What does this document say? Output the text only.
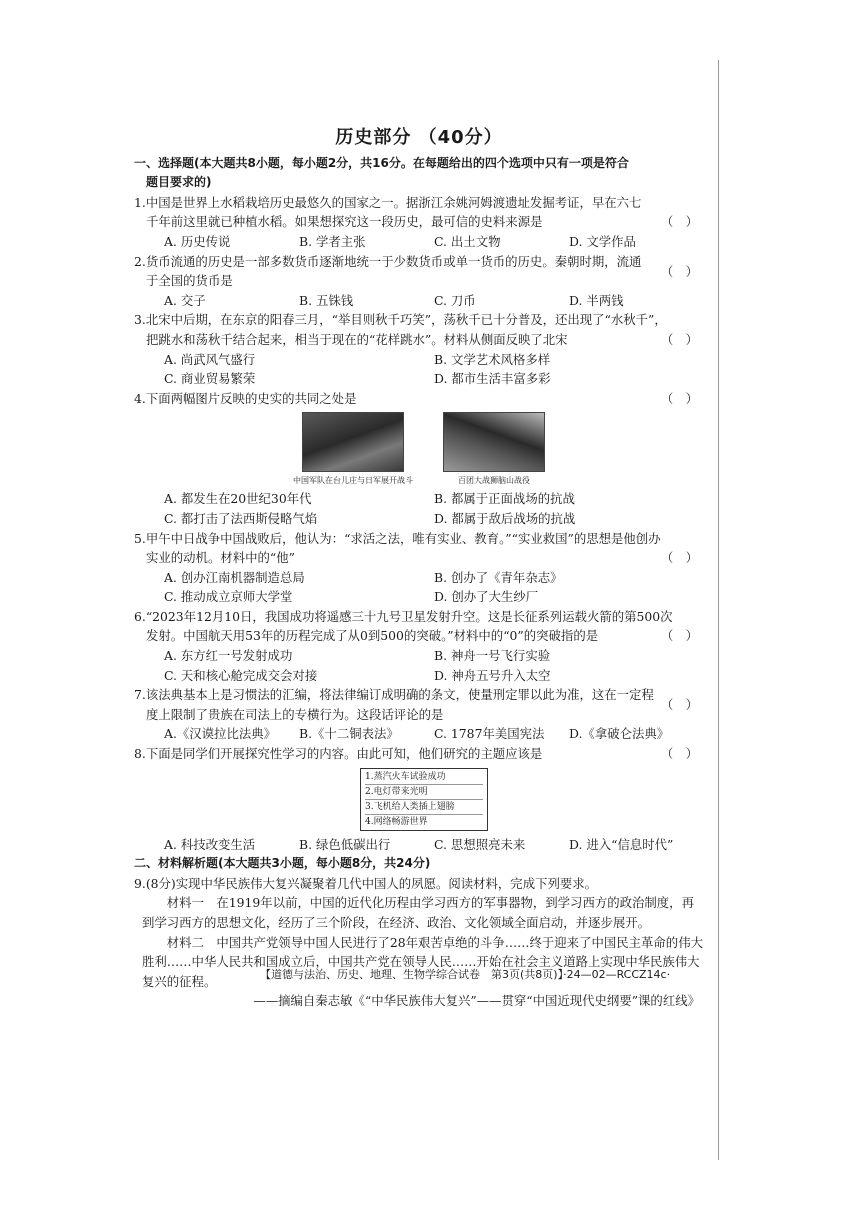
历史部分 （40分）
一、选择题(本大题共8小题，每小题2分，共16分。在每题给出的四个选项中只有一项是符合
题目要求的)
1.中国是世界上水稻栽培历史最悠久的国家之一。据浙江余姚河姆渡遗址发掘考证，早在六七
千年前这里就已种植水稻。如果想探究这一段历史，最可信的史料来源是	（　）
A. 历史传说	B. 学者主张	C. 出土文物	D. 文学作品
2.货币流通的历史是一部多数货币逐渐地统一于少数货币或单一货币的历史。秦朝时期，流通
于全国的货币是
（　）
A. 交子	B. 五铢钱	C. 刀币	D. 半两钱
3.北宋中后期，在东京的阳春三月，“举目则秋千巧笑”，荡秋千已十分普及，还出现了“水秋千”，
把跳水和荡秋千结合起来，相当于现在的“花样跳水”。材料从侧面反映了北宋	（　）
A. 尚武风气盛行	B. 文学艺术风格多样
C. 商业贸易繁荣	D. 都市生活丰富多彩
4.下面两幅图片反映的史实的共同之处是	（　）
中国军队在台儿庄与日军展开战斗	百团大战狮脑山战役
A. 都发生在20世纪30年代	B. 都属于正面战场的抗战
C. 都打击了法西斯侵略气焰	D. 都属于敌后战场的抗战
5.甲午中日战争中国战败后，他认为：“求活之法，唯有实业、教育。”“实业救国”的思想是他创办
实业的动机。材料中的“他”	（　）
A. 创办江南机器制造总局	B. 创办了《青年杂志》
C. 推动成立京师大学堂	D. 创办了大生纱厂
6.“2023年12月10日，我国成功将遥感三十九号卫星发射升空。这是长征系列运载火箭的第500次
发射。中国航天用53年的历程完成了从0到500的突破。”材料中的“0”的突破指的是	（　）
A. 东方红一号发射成功	B. 神舟一号飞行实验
C. 天和核心舱完成交会对接	D. 神舟五号升入太空
7.该法典基本上是习惯法的汇编，将法律编订成明确的条文，使量刑定罪以此为准，这在一定程
度上限制了贵族在司法上的专横行为。这段话评论的是
（　）
A.《汉谟拉比法典》	B.《十二铜表法》	C. 1787年美国宪法	D.《拿破仑法典》
8.下面是同学们开展探究性学习的内容。由此可知，他们研究的主题应该是	（　）
1.蒸汽火车试验成功
2.电灯带来光明
3.飞机给人类插上翅膀
4.网络畅游世界
A. 科技改变生活	B. 绿色低碳出行	C. 思想照亮未来	D. 进入“信息时代”
二、材料解析题(本大题共3小题，每小题8分，共24分)
9.(8分)实现中华民族伟大复兴凝聚着几代中国人的夙愿。阅读材料，完成下列要求。
材料一　在1919年以前，中国的近代化历程由学习西方的军事器物，到学习西方的政治制度，再到学习西方的思想文化，经历了三个阶段，在经济、政治、文化领域全面启动，并逐步展开。
材料二　中国共产党领导中国人民进行了28年艰苦卓绝的斗争……终于迎来了中国民主革命的伟大胜利……中华人民共和国成立后，中国共产党在领导人民……开始在社会主义道路上实现中华民族伟大复兴的征程。
——摘编自秦志敏《“中华民族伟大复兴”——贯穿“中国近现代史纲要”课的红线》
【道德与法治、历史、地理、生物学综合试卷　第3页(共8页)】·24—02—RCCZ14c·
